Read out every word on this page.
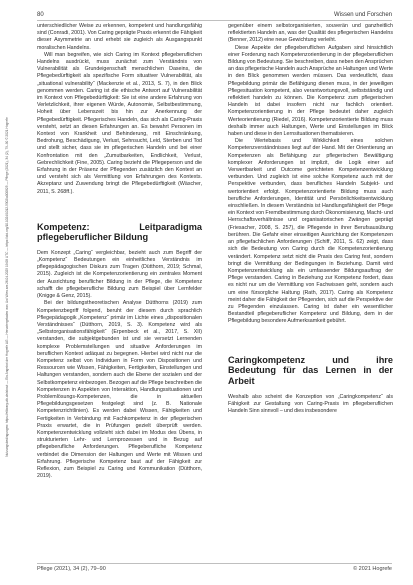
Nutzungsbedingungen: https://elibrary.utb.de/about — Ein Angebot der Hogrefe AG — Heruntergeladen von: Uni Wien am 26.04.2025 19:08 UTC — https://doi.org/10.1024/1012-5302/a000825 — Pflege (2021), 34 (2), 79–90 © 2021 Hogrefe
80	Wissen und Forschen

unterschiedlicher Weise zu erkennen, kompetent und handlungsfähig sind (Conradi, 2001). Von Caring geprägte Praxis erkennt die Fähigkeit dieser Asymmetrie an und erhebt sie zugleich als Ausgangspunkt moralischen Handelns.

Will man begreifen, wie sich Caring im Kontext pflegeberuflichen Handelns ausdrückt, muss zunächst zum Verständnis von Vulnerabilität als Grundeigenschaft menschlichen Daseins, die Pflegebedürftigkeit als spezifische Form situativer Vulnerabilität, als „situational vulnerability“ (Mackenzie et al., 2013, S. 7), in den Blick genommen werden. Caring ist die ethische Antwort auf Vulnerabilität im Kontext von Pflegebedürftigkeit: Sie ist eine andere Erfahrung von Verletzlichkeit, ihrer eigenen Würde, Autonomie, Selbstbestimmung, Hoheit über Lebenszeit bis hin zur Anerkennung der Pflegebedürftigkeit. Pflegerisches Handeln, das sich als Caring-Praxis versteht, setzt an diesen Erfahrungen an. Es bewahrt Personen im Kontext von Krankheit und Behinderung, mit Einschränkung, Bedrohung, Beschädigung, Verlust, Sehnsucht, Leid, Sterben und Tod und stellt sicher, dass sie im pflegerischen Handeln und bei einer Konfrontation mit den „Zumutbarkeiten, Endlichkeit, Verlust, Gebrechlichkeit (Fine, 2005). Caring bezieht die Pflegeperson und die Erfahrung in der Präsenz der Pflegenden zusätzlich den Kontext an und versteht sich als Vermittlung von Erfahrungen des Kontexts. Akzeptanz und Zuwendung bringt die Pflegebedürftigkeit (Wäscher, 2011, S. 268ff.).

Kompetenz: Leitparadigma pflegeberuflicher Bildung

Dem Konzept „Caring“ vergleichbar, bezieht auch zum Begriff der „Kompetenz“ Bedeutungen ein einheitliches Verständnis im pflegepädagogischen Diskurs zum Tragen (Dütthorn, 2019; Schmal, 2015). Zugleich ist die Kompetenzorientierung ein zentrales Moment der Ausrichtung beruflicher Bildung in der Pflege, die Kompetenz schafft die pflegeberufliche Bildung zum Beispiel über Lernfelder (Knigge & Genz, 2015).

Bei der bildungstheoretischen Analyse Dütthorns (2019) zum Kompetenzbegriff folgend, beruht der diesem durch sprachlich Pflegepädagogik „Kompetenz“ primär im Lichte eines „dispositionalen Verständnisses“ (Dütthorn, 2019, S. 3). Kompetenz wird als „Selbstorganisationsfähigkeit“ (Erpenbeck et al., 2017, S. XII) verstanden, die subjektgebunden ist und sie versetzt Lernenden komplexe Problemstellungen und situative Anforderungen im beruflichen Kontext adäquat zu begegnen. Hierbei wird nicht nur die Kompetenz selbst von Individuen in Form von Dispositionen und Ressourcen wie Wissen, Fähigkeiten, Fertigkeiten, Einstellungen und Haltungen verstanden, sondern auch die Ebene der sozialen und der Selbstkompetenz einbezogen. Bezogen auf die Pflege beschreiben die Kompetenzen in Aspekten von Interaktion, Handlungssituationen und Problemlösungs-Kompetenzen, die in aktuellen Pflegebildungsgesetzen festgelegt sind (z. B. Nationale Kompetenzrichtlinien). Es werden dabei Wissen, Fähigkeiten und Fertigkeiten in Verbindung mit Fachkompetenz in der pflegerischen Praxis erwartet, die in Prüfungen gezielt überprüft werden. Kompetenzentwicklung vollzieht sich dabei im Modus des Übens, in strukturierten Lehr- und Lernprozessen und in Bezug auf pflegeberufliche Anforderungen. Pflegeberufliche Kompetenz verbindet die Dimension der Haltungen und Werte mit Wissen und Erfahrung. Pflegerische Kompetenz baut auf der Fähigkeit zur Reflexion, zum Beispiel zu Caring und Kommunikation (Dütthorn, 2019).

gegenüber einem selbstorganisierten, souverän und ganzheitlich reflektierten Handeln an, was der Qualität des pflegerischen Handelns (Benner, 2012) eine neue Gewichtung verleiht.

Diese Aspekte der pflegeberuflichen Aufgaben sind hinsichtlich einer Forderung nach Kompetenzorientierung in der pflegeberuflichen Bildung von Bedeutung. Sie beschreiben, dass neben den Ansprüchen an das pflegerische Handeln auch Ansprüche an Haltungen und Werte in den Blick genommen werden müssen. Das verdeutlicht, dass Pflegebildung primär die Befähigung dienen muss, in der jeweiligen Pflegesituation kompetent, also verantwortungsvoll, selbstständig und reflektiert handeln zu können. Die Kompetenz zum pflegerischen Handeln ist dabei insofern nicht nur fachlich orientiert. Kompetenzorientierung in der Pflege bedeutet daher zugleich Werteorientierung (Riedel, 2016). Kompetenzorientierte Bildung muss deshalb immer auch Haltungen, Werte und Einstellungen im Blick haben und diese in den Lernsituationen thematisieren.

Die Wertebasis und Wirklichkeit eines solchen Kompetenzverständnisses liegt auf der Hand. Mit der Orientierung an Kompetenzen als Befähigung zur pflegerischen Bewältigung komplexer Anforderungen ist implizit, die Logik einer auf Verwertbarkeit und Outcome gerichteten Kompetenzentwicklung verbunden. Und zugleich ist eine solche Kompetenz auch mit der Perspektive verbunden, dass berufliches Handeln Subjekt- und wertorientiert erfolgt. Kompetenzorientierte Bildung muss auch berufliche Anforderungen, Identität und Persönlichkeitsentwicklung einschließen. In diesem Verständnis ist Handlungsfähigkeit der Pflege ein Kontext von Fremdbestimmung durch Ökonomisierung, Macht- und Herrschaftsverhältnisse und organisatorischen Zwängen geprägt (Friesacher, 2008, S. 257), die Pflegende in ihrer Berufsausübung berühren. Die Gefahr einer einseitigen Ausrichtung der Kompetenzen an pflegefachlichen Anforderungen (Schiff, 2011, S. 62) zeigt, dass sich die Bedeutung von Caring durch die Kompetenzorientierung verändert. Kompetenz setzt nicht die Praxis des Caring fest, sondern bringt die Vermittlung der Bedingungen in Beziehung. Damit wird Kompetenzentwicklung als ein umfassender Bildungsauftrag der Pflege verstanden. Caring in Beziehung zur Kompetenz fordert, dass es nicht nur um die Vermittlung von Fachwissen geht, sondern auch um eine fürsorgliche Haltung (Rath, 2017). Caring als Kompetenz meint daher die Fähigkeit der Pflegenden, sich auf die Perspektive der zu Pflegenden einzulassen. Caring ist daher ein wesentlicher Bestandteil pflegeberuflicher Kompetenz und Bildung, dem in der Pflegebildung besondere Aufmerksamkeit gebührt.

Caringkompetenz und ihre Bedeutung für das Lernen in der Arbeit

Weshalb also scheint die Konzeption von „Caringkompetenz“ als Fähigkeit zur Gestaltung von Caring-Praxis im pflegeberuflichen Handeln Sinn sinnvoll – und dies insbesondere

Pflege (2021), 34 (2), 79–90	© 2021 Hogrefe
